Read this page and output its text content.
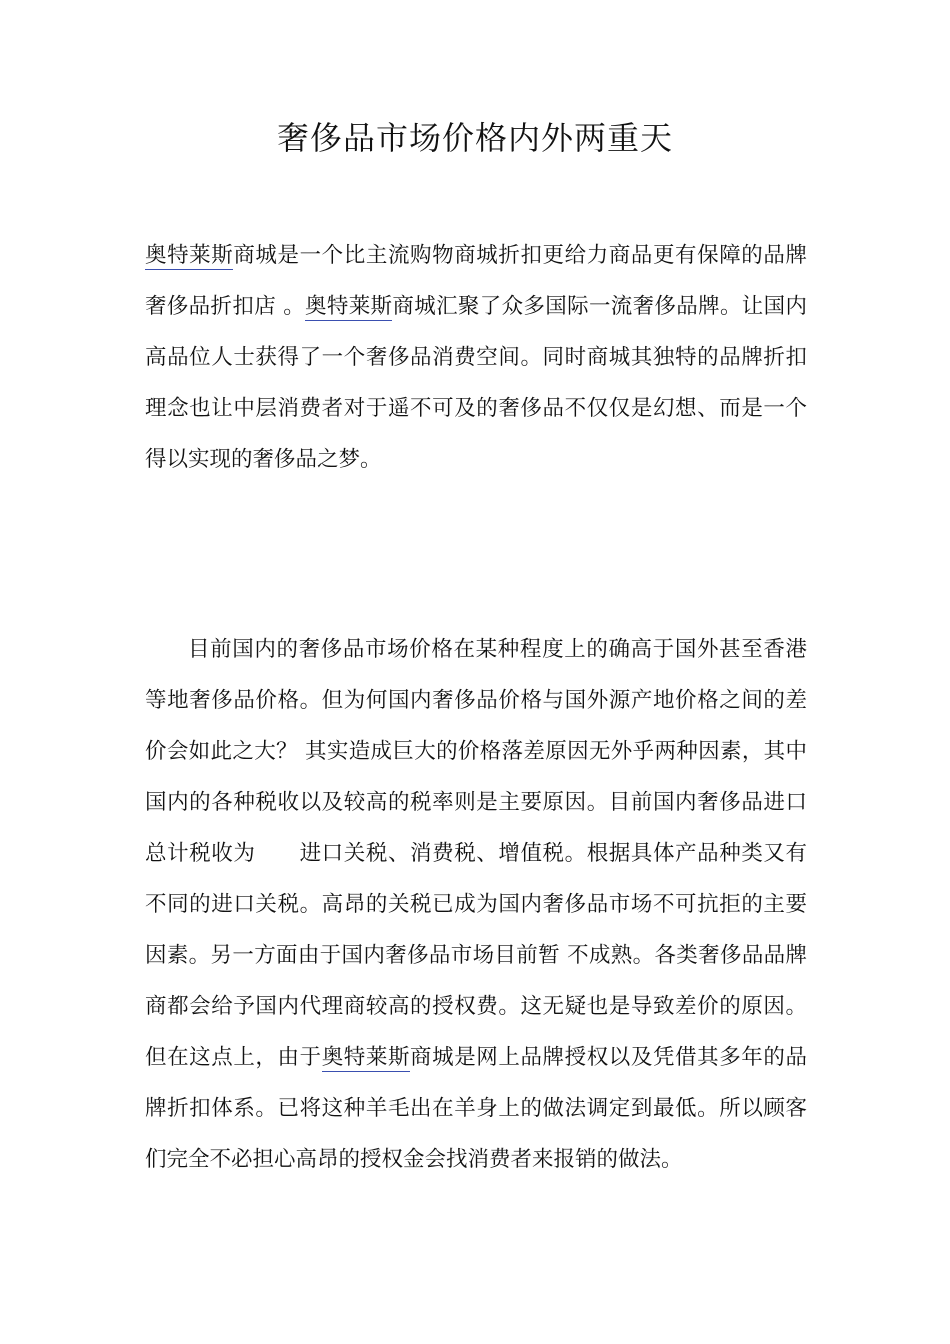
奢侈品市场价格内外两重天

奥特莱斯商城是一个比主流购物商城折扣更给力商品更有保障的品牌奢侈品折扣店 。奥特莱斯商城汇聚了众多国际一流奢侈品牌。让国内高品位人士获得了一个奢侈品消费空间。同时商城其独特的品牌折扣理念也让中层消费者对于遥不可及的奢侈品不仅仅是幻想、而是一个得以实现的奢侈品之梦。

目前国内的奢侈品市场价格在某种程度上的确高于国外甚至香港等地奢侈品价格。但为何国内奢侈品价格与国外源产地价格之间的差价会如此之大？ 其实造成巨大的价格落差原因无外乎两种因素，其中国内的各种税收以及较高的税率则是主要原因。目前国内奢侈品进口总计税收为　　进口关税、消费税、增值税。根据具体产品种类又有不同的进口关税。高昂的关税已成为国内奢侈品市场不可抗拒的主要因素。另一方面由于国内奢侈品市场目前暂 不成熟。各类奢侈品品牌商都会给予国内代理商较高的授权费。这无疑也是导致差价的原因。但在这点上，由于奥特莱斯商城是网上品牌授权以及凭借其多年的品牌折扣体系。已将这种羊毛出在羊身上的做法调定到最低。所以顾客们完全不必担心高昂的授权金会找消费者来报销的做法。
